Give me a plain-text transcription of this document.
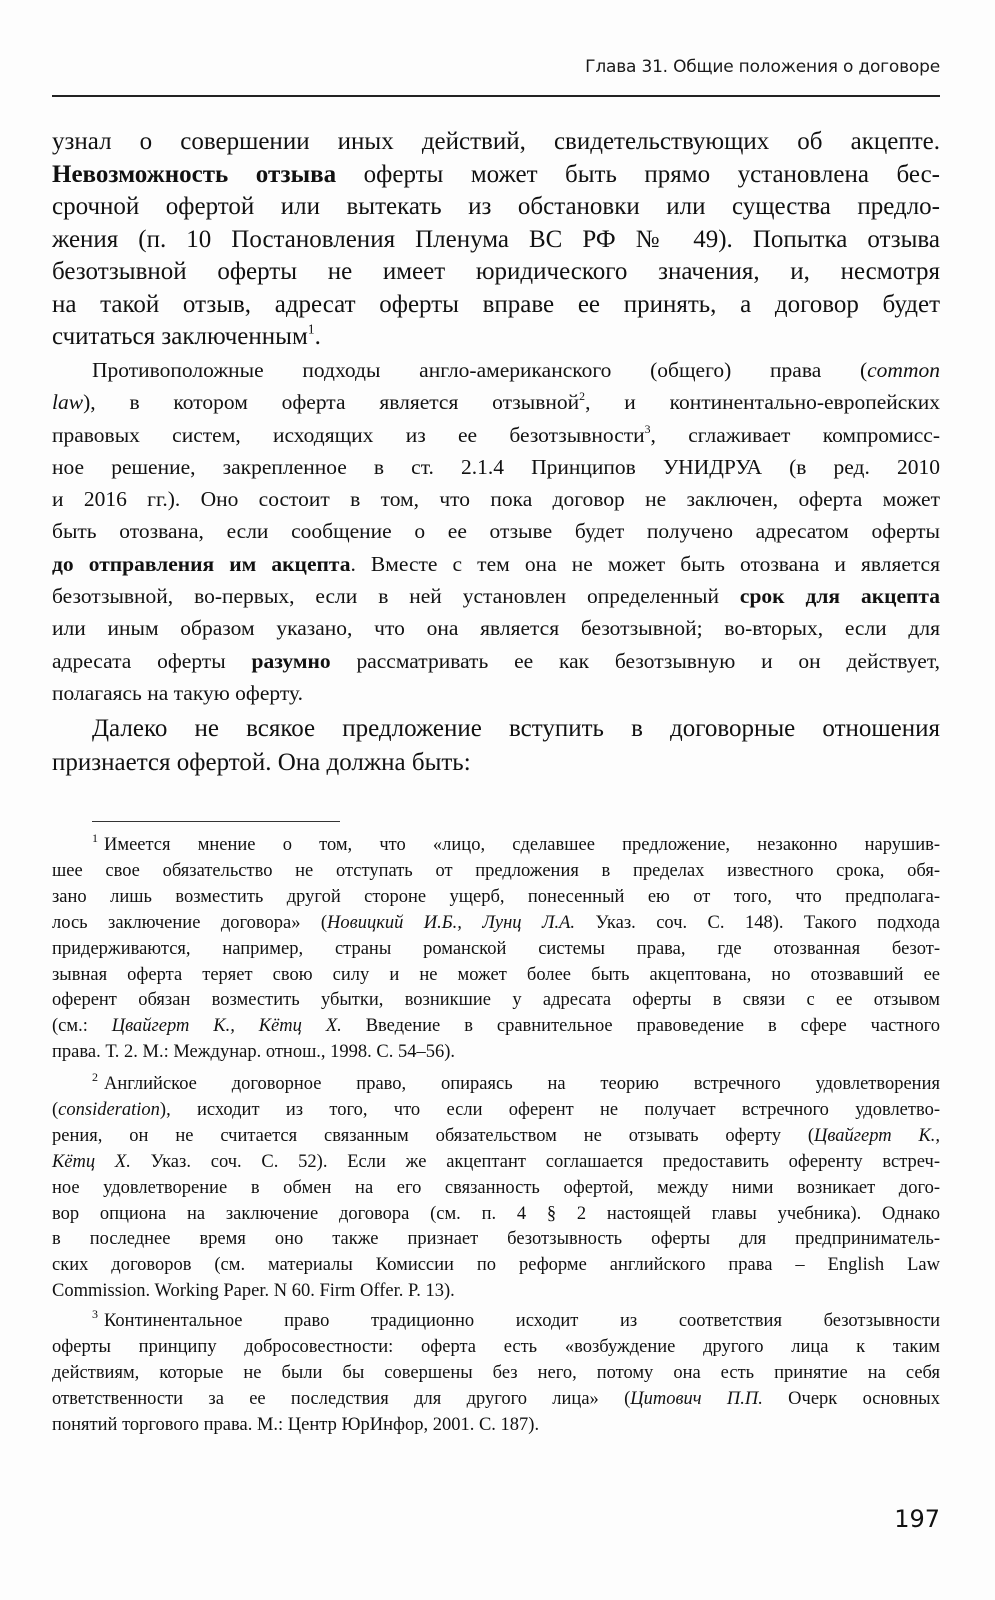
Глава 31. Общие положения о договоре
узнал о совершении иных действий, свидетельствующих об акцепте.
Невозможность отзыва оферты может быть прямо установлена бес-
срочной офертой или вытекать из обстановки или существа предло-
жения (п. 10 Постановления Пленума ВС РФ № 49). Попытка отзыва
безотзывной оферты не имеет юридического значения, и, несмотря
на такой отзыв, адресат оферты вправе ее принять, а договор будет
считаться заключенным$^1$.
Противоположные подходы англо-американского (общего) права (common
law), в котором оферта является отзывной$^2$, и континентально-европейских
правовых систем, исходящих из ее безотзывности$^3$, сглаживает компромисс-
ное решение, закрепленное в ст. 2.1.4 Принципов УНИДРУА (в ред. 2010
и 2016 гг.). Оно состоит в том, что пока договор не заключен, оферта может
быть отозвана, если сообщение о ее отзыве будет получено адресатом оферты
до отправления им акцепта. Вместе с тем она не может быть отозвана и является
безотзывной, во-первых, если в ней установлен определенный срок для акцепта
или иным образом указано, что она является безотзывной; во-вторых, если для
адресата оферты разумно рассматривать ее как безотзывную и он действует,
полагаясь на такую оферту.
Далеко не всякое предложение вступить в договорные отношения
признается офертой. Она должна быть:
$^1$ Имеется мнение о том, что «лицо, сделавшее предложение, незаконно нарушив-
шее свое обязательство не отступать от предложения в пределах известного срока, обя-
зано лишь возместить другой стороне ущерб, понесенный ею от того, что предполага-
лось заключение договора» (Новицкий И.Б., Лунц Л.А. Указ. соч. С. 148). Такого подхода
придерживаются, например, страны романской системы права, где отозванная безот-
зывная оферта теряет свою силу и не может более быть акцептована, но отозвавший ее
оферент обязан возместить убытки, возникшие у адресата оферты в связи с ее отзывом
(см.: Цвайгерт К., Кётц Х. Введение в сравнительное правоведение в сфере частного
права. Т. 2. М.: Междунар. отнош., 1998. С. 54–56).
$^2$ Английское договорное право, опираясь на теорию встречного удовлетворения
(consideration), исходит из того, что если оферент не получает встречного удовлетво-
рения, он не считается связанным обязательством не отзывать оферту (Цвайгерт К.,
Кётц Х. Указ. соч. С. 52). Если же акцептант соглашается предоставить оференту встреч-
ное удовлетворение в обмен на его связанность офертой, между ними возникает дого-
вор опциона на заключение договора (см. п. 4 § 2 настоящей главы учебника). Однако
в последнее время оно также признает безотзывность оферты для предприниматель-
ских договоров (см. материалы Комиссии по реформе английского права – English Law
Commission. Working Paper. N 60. Firm Offer. P. 13).
$^3$ Континентальное право традиционно исходит из соответствия безотзывности
оферты принципу добросовестности: оферта есть «возбуждение другого лица к таким
действиям, которые не были бы совершены без него, потому она есть принятие на себя
ответственности за ее последствия для другого лица» (Цитович П.П. Очерк основных
понятий торгового права. М.: Центр ЮрИнфор, 2001. С. 187).
197
